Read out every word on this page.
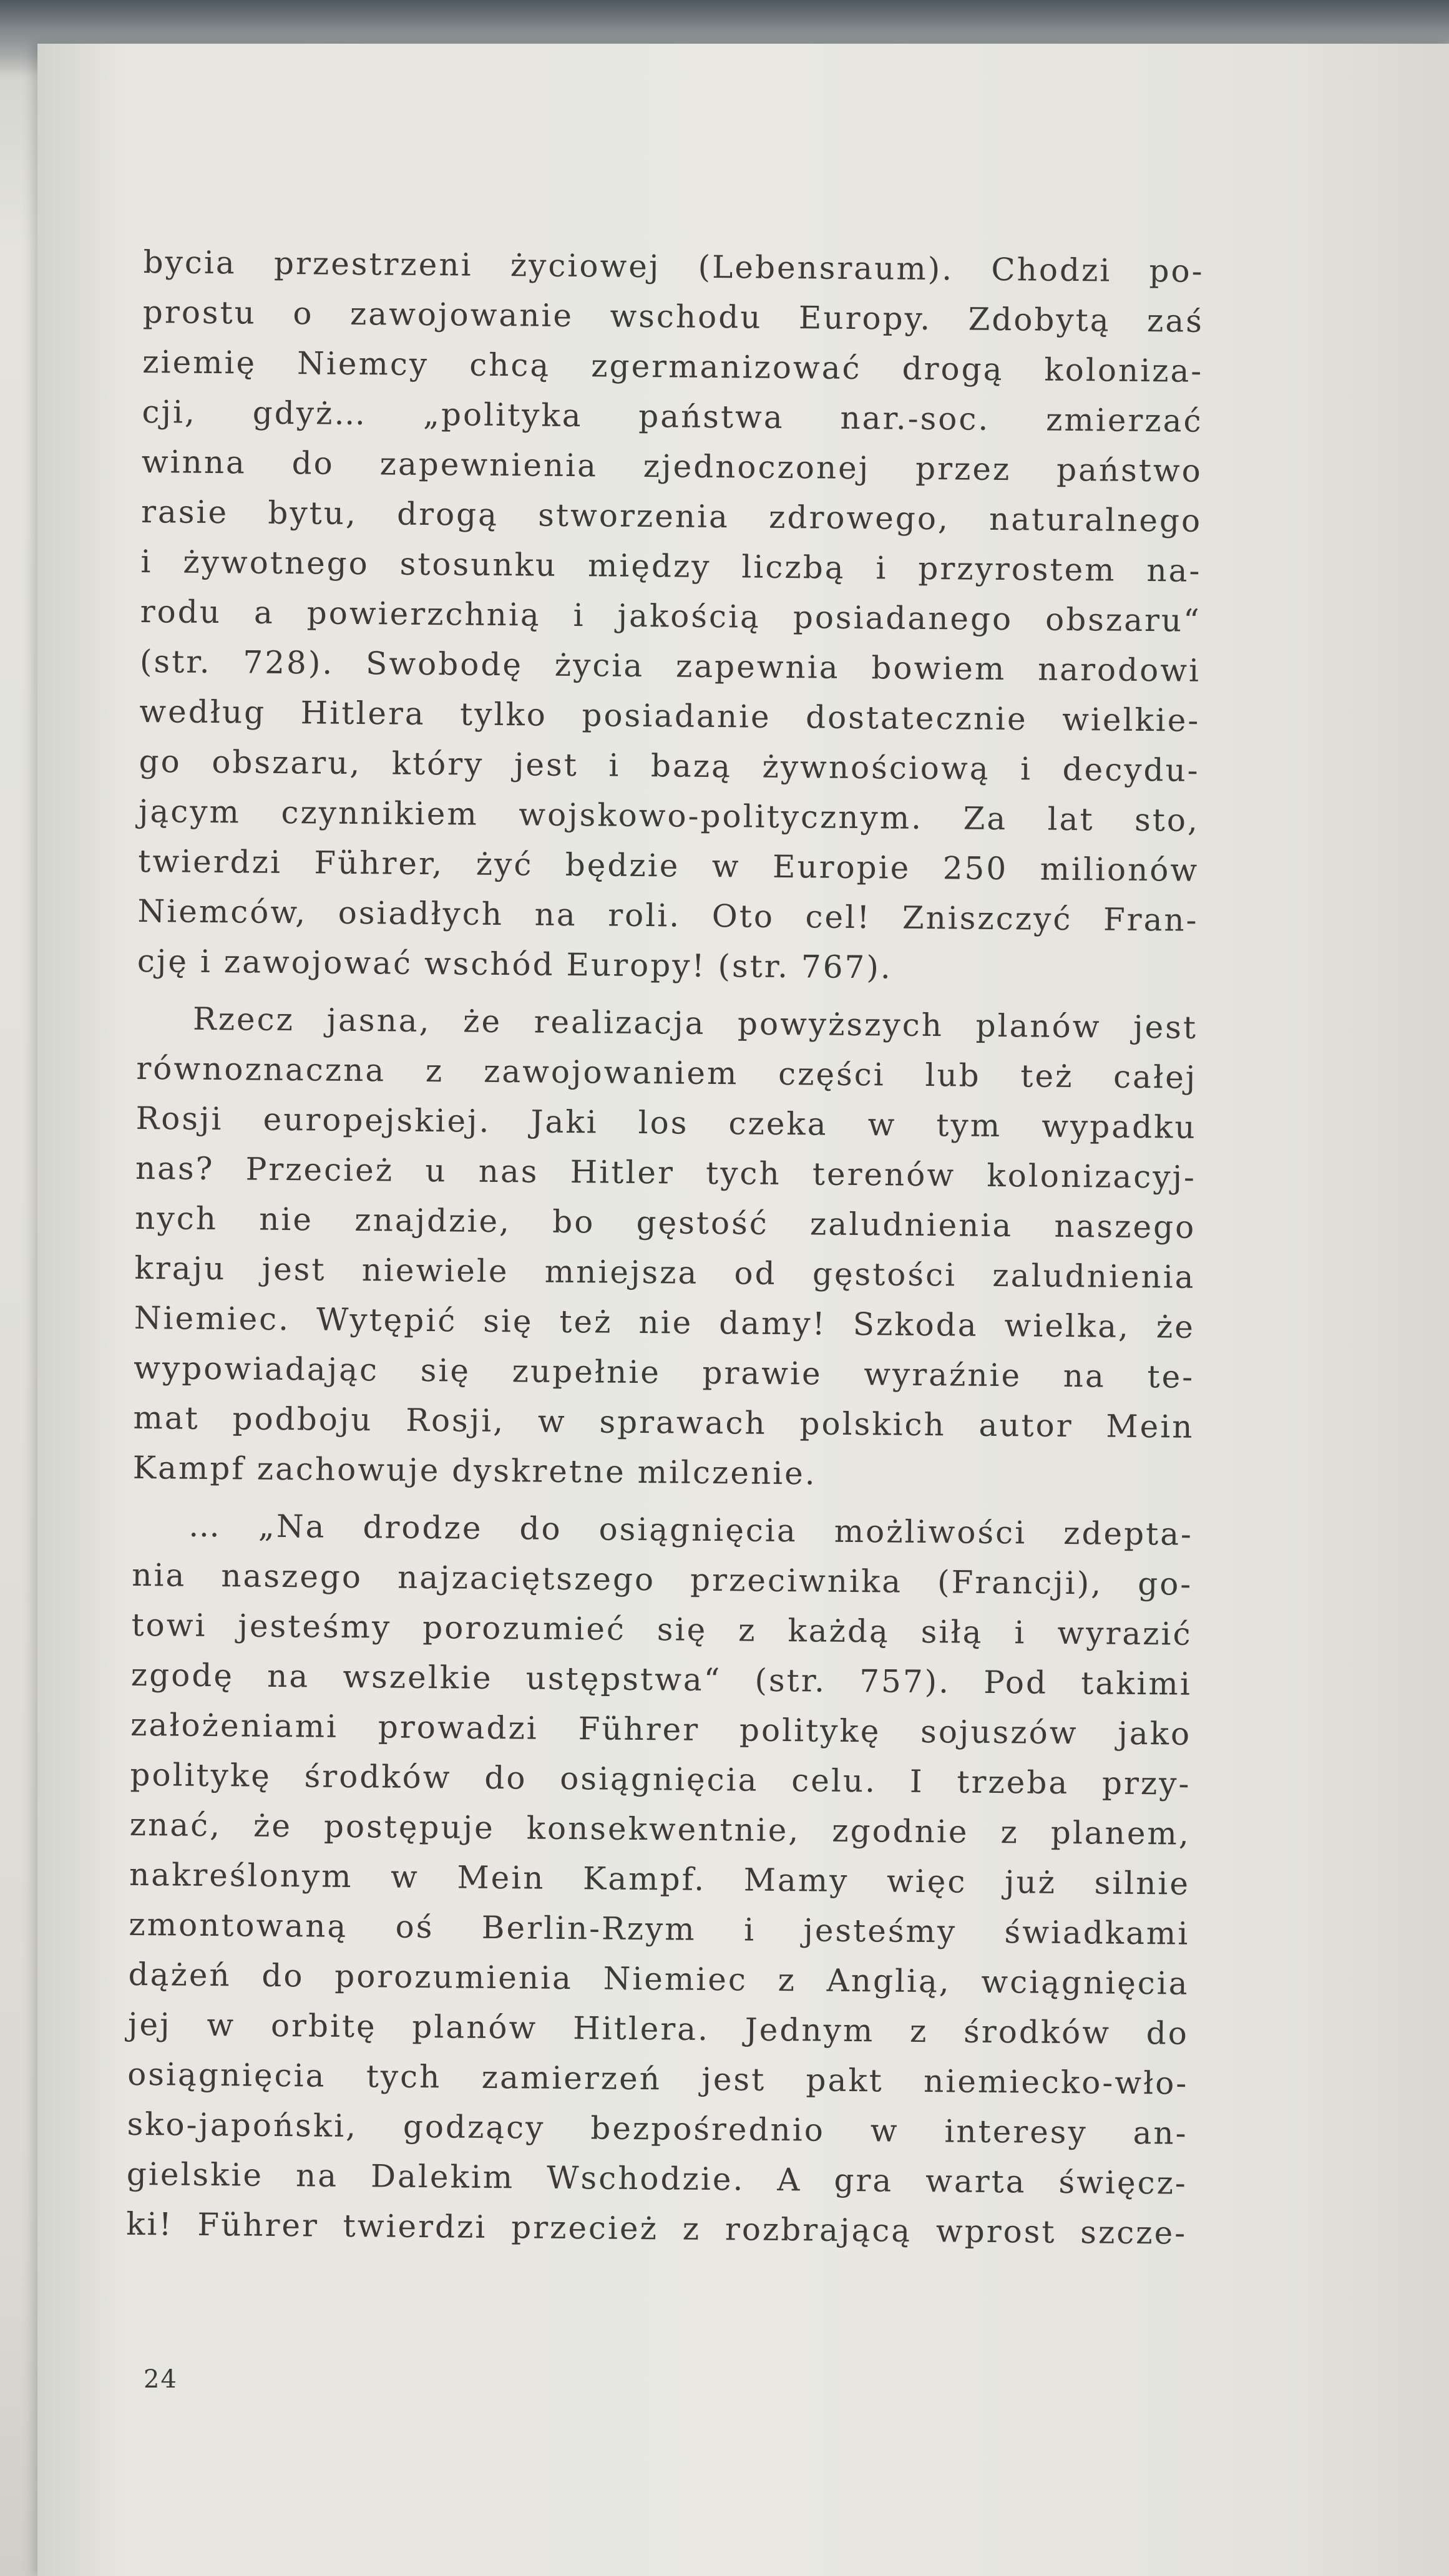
bycia przestrzeni życiowej (Lebensraum). Chodzi po-
prostu o zawojowanie wschodu Europy. Zdobytą zaś
ziemię Niemcy chcą zgermanizować drogą koloniza-
cji, gdyż… „polityka państwa nar.-soc. zmierzać
winna do zapewnienia zjednoczonej przez państwo
rasie bytu, drogą stworzenia zdrowego, naturalnego
i żywotnego stosunku między liczbą i przyrostem na-
rodu a powierzchnią i jakością posiadanego obszaru“
(str. 728). Swobodę życia zapewnia bowiem narodowi
według Hitlera tylko posiadanie dostatecznie wielkie-
go obszaru, który jest i bazą żywnościową i decydu-
jącym czynnikiem wojskowo-politycznym. Za lat sto,
twierdzi Führer, żyć będzie w Europie 250 milionów
Niemców, osiadłych na roli. Oto cel! Zniszczyć Fran-
cję i zawojować wschód Europy! (str. 767).
Rzecz jasna, że realizacja powyższych planów jest
równoznaczna z zawojowaniem części lub też całej
Rosji europejskiej. Jaki los czeka w tym wypadku
nas? Przecież u nas Hitler tych terenów kolonizacyj-
nych nie znajdzie, bo gęstość zaludnienia naszego
kraju jest niewiele mniejsza od gęstości zaludnienia
Niemiec. Wytępić się też nie damy! Szkoda wielka, że
wypowiadając się zupełnie prawie wyraźnie na te-
mat podboju Rosji, w sprawach polskich autor Mein
Kampf zachowuje dyskretne milczenie.
… „Na drodze do osiągnięcia możliwości zdepta-
nia naszego najzaciętszego przeciwnika (Francji), go-
towi jesteśmy porozumieć się z każdą siłą i wyrazić
zgodę na wszelkie ustępstwa“ (str. 757). Pod takimi
założeniami prowadzi Führer politykę sojuszów jako
politykę środków do osiągnięcia celu. I trzeba przy-
znać, że postępuje konsekwentnie, zgodnie z planem,
nakreślonym w Mein Kampf. Mamy więc już silnie
zmontowaną oś Berlin-Rzym i jesteśmy świadkami
dążeń do porozumienia Niemiec z Anglią, wciągnięcia
jej w orbitę planów Hitlera. Jednym z środków do
osiągnięcia tych zamierzeń jest pakt niemiecko-wło-
sko-japoński, godzący bezpośrednio w interesy an-
gielskie na Dalekim Wschodzie. A gra warta święcz-
ki! Führer twierdzi przecież z rozbrającą wprost szcze-
24
